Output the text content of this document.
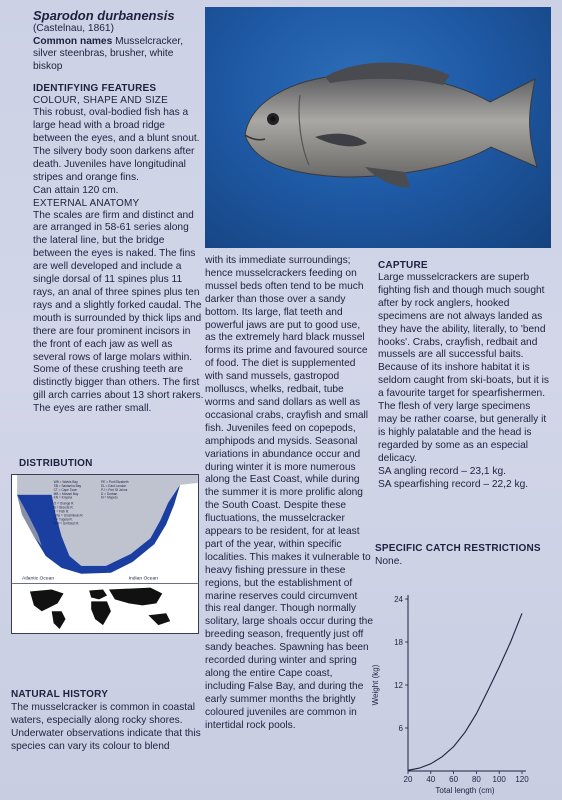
Sparodon durbanensis
(Castelnau, 1861)
Common names Musselcracker, silver steenbras, brusher, white biskop
IDENTIFYING FEATURES
COLOUR, SHAPE AND SIZE

This robust, oval-bodied fish has a large head with a broad ridge between the eyes, and a blunt snout. The silvery body soon darkens after death. Juveniles have longitudinal stripes and orange fins.

Can attain 120 cm.

EXTERNAL ANATOMY

The scales are firm and distinct and are arranged in 58-61 series along the lateral line, but the bridge between the eyes is naked. The fins are well developed and include a single dorsal of 11 spines plus 11 rays, an anal of three spines plus ten rays and a slightly forked caudal. The mouth is surrounded by thick lips and there are four prominent incisors in the front of each jaw as well as several rows of large molars within. Some of these crushing teeth are distinctly bigger than others. The first gill arch carries about 13 short rakers. The eyes are rather small.

DISTRIBUTION
Atlantic Ocean	Indian Ocean
WB = Walvis Bay
SB = Saldanha Bay
CT = Cape Town
MB = Mossel Bay
KN = Knysna
O = Orange R.
B = Breede R.
F = Fish R.
Umz = Umzimkulu R.
T = Tugela R.
Umf = Umfolozi R.
PE = Port Elizabeth
EL = East London
PJ = Port St Johns
D = Durban
M = Maputo
NATURAL HISTORY

The musselcracker is common in coastal waters, especially along rocky shores. Underwater observations indicate that this species can vary its colour to blend

with its immediate surroundings; hence musselcrackers feeding on mussel beds often tend to be much darker than those over a sandy bottom. Its large, flat teeth and powerful jaws are put to good use, as the extremely hard black mussel forms its prime and favoured source of food. The diet is supplemented with sand mussels, gastropod molluscs, whelks, redbait, tube worms and sand dollars as well as occasional crabs, crayfish and small fish. Juveniles feed on copepods, amphipods and mysids. Seasonal variations in abundance occur and during winter it is more numerous along the East Coast, while during the summer it is more prolific along the South Coast. Despite these fluctuations, the musselcracker appears to be resident, for at least part of the year, within specific localities. This makes it vulnerable to heavy fishing pressure in these regions, but the establishment of marine reserves could circumvent this real danger. Though normally solitary, large shoals occur during the breeding season, frequently just off sandy beaches. Spawning has been recorded during winter and spring along the entire Cape coast, including False Bay, and during the early summer months the brightly coloured juveniles are common in intertidal rock pools.

CAPTURE

Large musselcrackers are superb fighting fish and though much sought after by rock anglers, hooked specimens are not always landed as they have the ability, literally, to 'bend hooks'. Crabs, crayfish, redbait and mussels are all successful baits. Because of its inshore habitat it is seldom caught from ski-boats, but it is a favourite target for spearfishermen. The flesh of very large specimens may be rather coarse, but generally it is highly palatable and the head is regarded by some as an especial delicacy.

SA angling record – 23,1 kg.

SA spearfishing record – 22,2 kg.

SPECIFIC CATCH RESTRICTIONS
None.
6
12
18
24
20 40 60 80 100 120
Weight (kg)
Total length (cm)
